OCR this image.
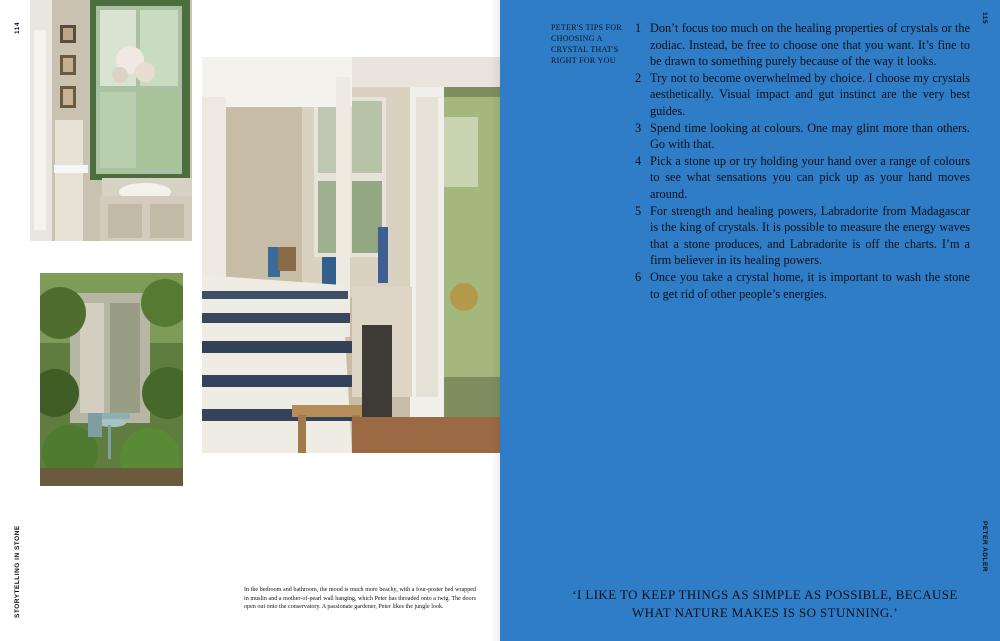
114
STORYTELLING IN STONE	In the bedroom and bathroom, the mood is much more beachy, with a four-poster bed wrapped in muslin and a mother-of-pearl wall hanging, which Peter has threaded onto a twig. The doors open out onto the conservatory. A passionate gardener, Peter likes the jungle look.
115
PETER ADLER
PETER'S TIPS FOR CHOOSING A CRYSTAL THAT'S RIGHT FOR YOU
1 Don’t focus too much on the healing properties of crystals or the zodiac. Instead, be free to choose one that you want. It’s fine to be drawn to something purely because of the way it looks.
2 Try not to become overwhelmed by choice. I choose my crystals aesthetically. Visual impact and gut instinct are the very best guides.
3 Spend time looking at colours. One may glint more than others. Go with that.
4 Pick a stone up or try holding your hand over a range of colours to see what sensations you can pick up as your hand moves around.
5 For strength and healing powers, Labradorite from Madagascar is the king of crystals. It is possible to measure the energy waves that a stone produces, and Labradorite is off the charts. I’m a firm believer in its healing powers.
6 Once you take a crystal home, it is important to wash the stone to get rid of other people’s energies.
‘I LIKE TO KEEP THINGS AS SIMPLE AS POSSIBLE, BECAUSE WHAT NATURE MAKES IS SO STUNNING.’
